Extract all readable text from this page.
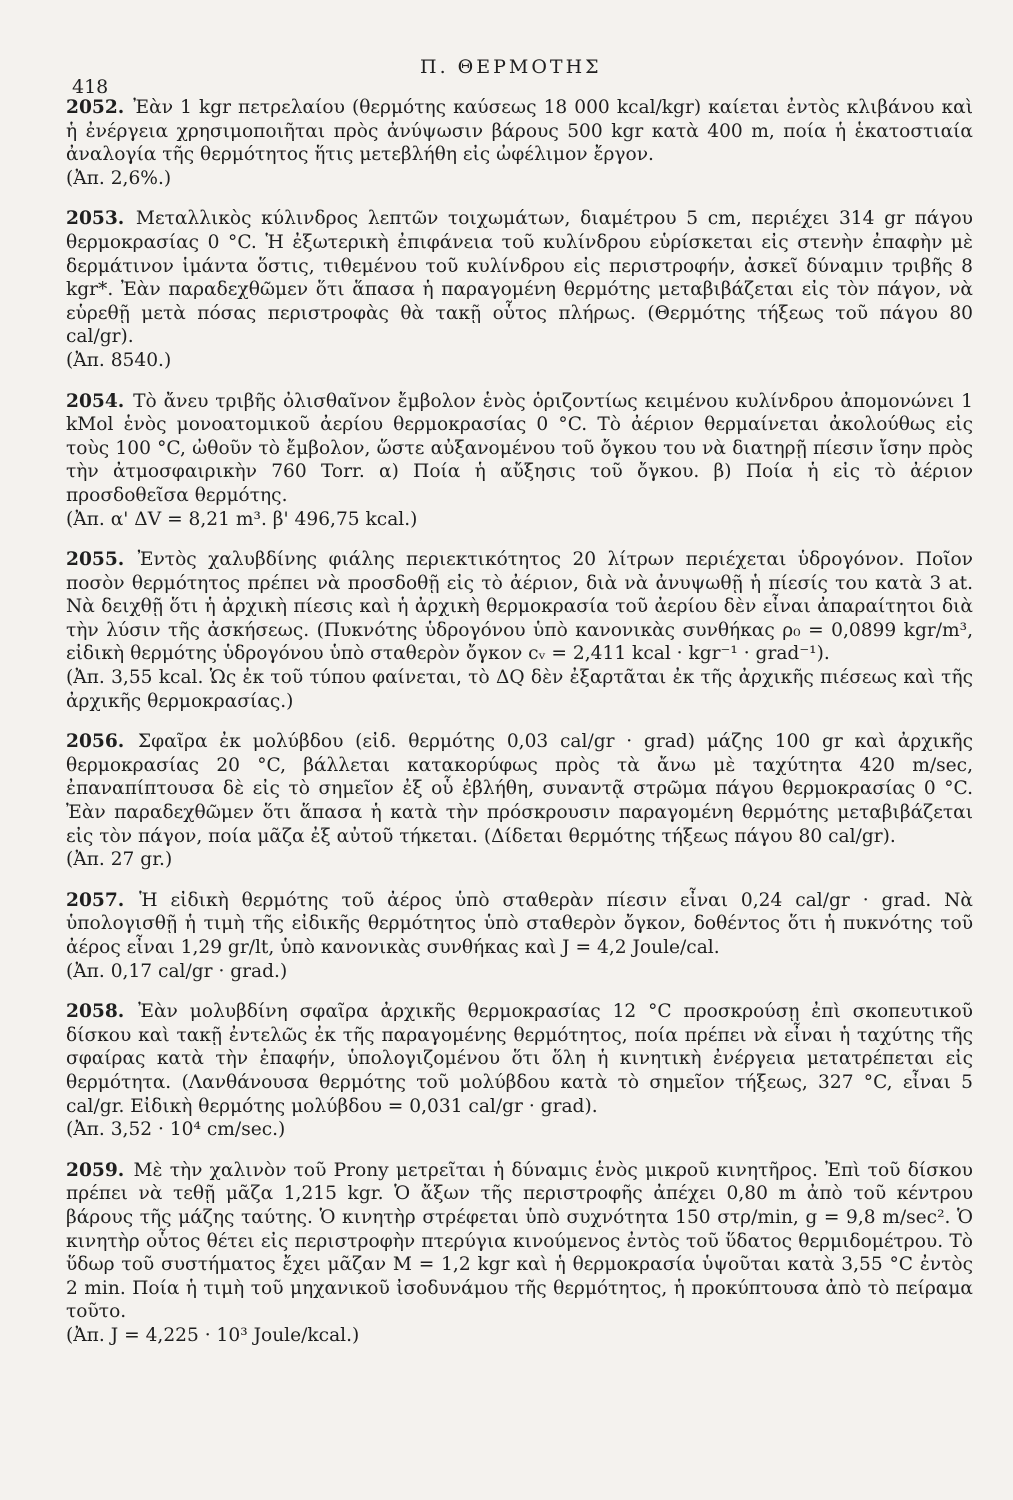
418
Π. ΘΕΡΜΟΤΗΣ

2052. Ἐὰν 1 kgr πετρελαίου (θερμότης καύσεως 18 000 kcal/kgr) καίεται ἐντὸς κλιβάνου καὶ ἡ ἐνέργεια χρησιμοποιῆται πρὸς ἀνύψωσιν βάρους 500 kgr κατὰ 400 m, ποία ἡ ἑκατοστιαία ἀναλογία τῆς θερμότητος ἥτις μετεβλήθη εἰς ὠφέλιμον ἔργον.

(Ἀπ. 2,6%.)

2053. Μεταλλικὸς κύλινδρος λεπτῶν τοιχωμάτων, διαμέτρου 5 cm, περιέχει 314 gr πάγου θερμοκρασίας 0 °C. Ἡ ἐξωτερικὴ ἐπιφάνεια τοῦ κυλίνδρου εὑρίσκεται εἰς στενὴν ἐπαφὴν μὲ δερμάτινον ἱμάντα ὅστις, τιθεμένου τοῦ κυλίνδρου εἰς περιστροφήν, ἀσκεῖ δύναμιν τριβῆς 8 kgr*. Ἐὰν παραδεχθῶμεν ὅτι ἅπασα ἡ παραγομένη θερμότης μεταβιβάζεται εἰς τὸν πάγον, νὰ εὑρεθῇ μετὰ πόσας περιστροφὰς θὰ τακῇ οὗτος πλήρως. (Θερμότης τήξεως τοῦ πάγου 80 cal/gr).

(Ἀπ. 8540.)

2054. Τὸ ἄνευ τριβῆς ὀλισθαῖνον ἔμβολον ἑνὸς ὁριζοντίως κειμένου κυλίνδρου ἀπομονώνει 1 kMol ἑνὸς μονοατομικοῦ ἀερίου θερμοκρασίας 0 °C. Τὸ ἀέριον θερμαίνεται ἀκολούθως εἰς τοὺς 100 °C, ὠθοῦν τὸ ἔμβολον, ὥστε αὐξανομένου τοῦ ὄγκου του νὰ διατηρῇ πίεσιν ἴσην πρὸς τὴν ἀτμοσφαιρικὴν 760 Torr. α) Ποία ἡ αὔξησις τοῦ ὄγκου. β) Ποία ἡ εἰς τὸ ἀέριον προσδοθεῖσα θερμότης.

(Ἀπ. α' ΔV = 8,21 m³. β' 496,75 kcal.)

2055. Ἐντὸς χαλυβδίνης φιάλης περιεκτικότητος 20 λίτρων περιέχεται ὑδρογόνον. Ποῖον ποσὸν θερμότητος πρέπει νὰ προσδοθῇ εἰς τὸ ἀέριον, διὰ νὰ ἀνυψωθῇ ἡ πίεσίς του κατὰ 3 at. Νὰ δειχθῇ ὅτι ἡ ἀρχικὴ πίεσις καὶ ἡ ἀρχικὴ θερμοκρασία τοῦ ἀερίου δὲν εἶναι ἀπαραίτητοι διὰ τὴν λύσιν τῆς ἀσκήσεως. (Πυκνότης ὑδρογόνου ὑπὸ κανονικὰς συνθήκας ρ₀ = 0,0899 kgr/m³, εἰδικὴ θερμότης ὑδρογόνου ὑπὸ σταθερὸν ὄγκον cᵥ = 2,411 kcal · kgr⁻¹ · grad⁻¹).

(Ἀπ. 3,55 kcal. Ὡς ἐκ τοῦ τύπου φαίνεται, τὸ ΔQ δὲν ἐξαρτᾶται ἐκ τῆς ἀρχικῆς πιέσεως καὶ τῆς ἀρχικῆς θερμοκρασίας.)

2056. Σφαῖρα ἐκ μολύβδου (εἰδ. θερμότης 0,03 cal/gr · grad) μάζης 100 gr καὶ ἀρχικῆς θερμοκρασίας 20 °C, βάλλεται κατακορύφως πρὸς τὰ ἄνω μὲ ταχύτητα 420 m/sec, ἐπαναπίπτουσα δὲ εἰς τὸ σημεῖον ἐξ οὗ ἐβλήθη, συναντᾷ στρῶμα πάγου θερμοκρασίας 0 °C. Ἐὰν παραδεχθῶμεν ὅτι ἅπασα ἡ κατὰ τὴν πρόσκρουσιν παραγομένη θερμότης μεταβιβάζεται εἰς τὸν πάγον, ποία μᾶζα ἐξ αὐτοῦ τήκεται. (Δίδεται θερμότης τήξεως πάγου 80 cal/gr).

(Ἀπ. 27 gr.)

2057. Ἡ εἰδικὴ θερμότης τοῦ ἀέρος ὑπὸ σταθερὰν πίεσιν εἶναι 0,24 cal/gr · grad. Νὰ ὑπολογισθῇ ἡ τιμὴ τῆς εἰδικῆς θερμότητος ὑπὸ σταθερὸν ὄγκον, δοθέντος ὅτι ἡ πυκνότης τοῦ ἀέρος εἶναι 1,29 gr/lt, ὑπὸ κανονικὰς συνθήκας καὶ J = 4,2 Joule/cal.

(Ἀπ. 0,17 cal/gr · grad.)

2058. Ἐὰν μολυβδίνη σφαῖρα ἀρχικῆς θερμοκρασίας 12 °C προσκρούσῃ ἐπὶ σκοπευτικοῦ δίσκου καὶ τακῇ ἐντελῶς ἐκ τῆς παραγομένης θερμότητος, ποία πρέπει νὰ εἶναι ἡ ταχύτης τῆς σφαίρας κατὰ τὴν ἐπαφήν, ὑπολογιζομένου ὅτι ὅλη ἡ κινητικὴ ἐνέργεια μετατρέπεται εἰς θερμότητα. (Λανθάνουσα θερμότης τοῦ μολύβδου κατὰ τὸ σημεῖον τήξεως, 327 °C, εἶναι 5 cal/gr. Εἰδικὴ θερμότης μολύβδου = 0,031 cal/gr · grad).

(Ἀπ. 3,52 · 10⁴ cm/sec.)

2059. Μὲ τὴν χαλινὸν τοῦ Prony μετρεῖται ἡ δύναμις ἑνὸς μικροῦ κινητῆρος. Ἐπὶ τοῦ δίσκου πρέπει νὰ τεθῇ μᾶζα 1,215 kgr. Ὁ ἄξων τῆς περιστροφῆς ἀπέχει 0,80 m ἀπὸ τοῦ κέντρου βάρους τῆς μάζης ταύτης. Ὁ κινητὴρ στρέφεται ὑπὸ συχνότητα 150 στρ/min, g = 9,8 m/sec². Ὁ κινητὴρ οὗτος θέτει εἰς περιστροφὴν πτερύγια κινούμενος ἐντὸς τοῦ ὕδατος θερμιδομέτρου. Τὸ ὕδωρ τοῦ συστήματος ἔχει μᾶζαν M = 1,2 kgr καὶ ἡ θερμοκρασία ὑψοῦται κατὰ 3,55 °C ἐντὸς 2 min. Ποία ἡ τιμὴ τοῦ μηχανικοῦ ἰσοδυνάμου τῆς θερμότητος, ἡ προκύπτουσα ἀπὸ τὸ πείραμα τοῦτο.

(Ἀπ. J = 4,225 · 10³ Joule/kcal.)
